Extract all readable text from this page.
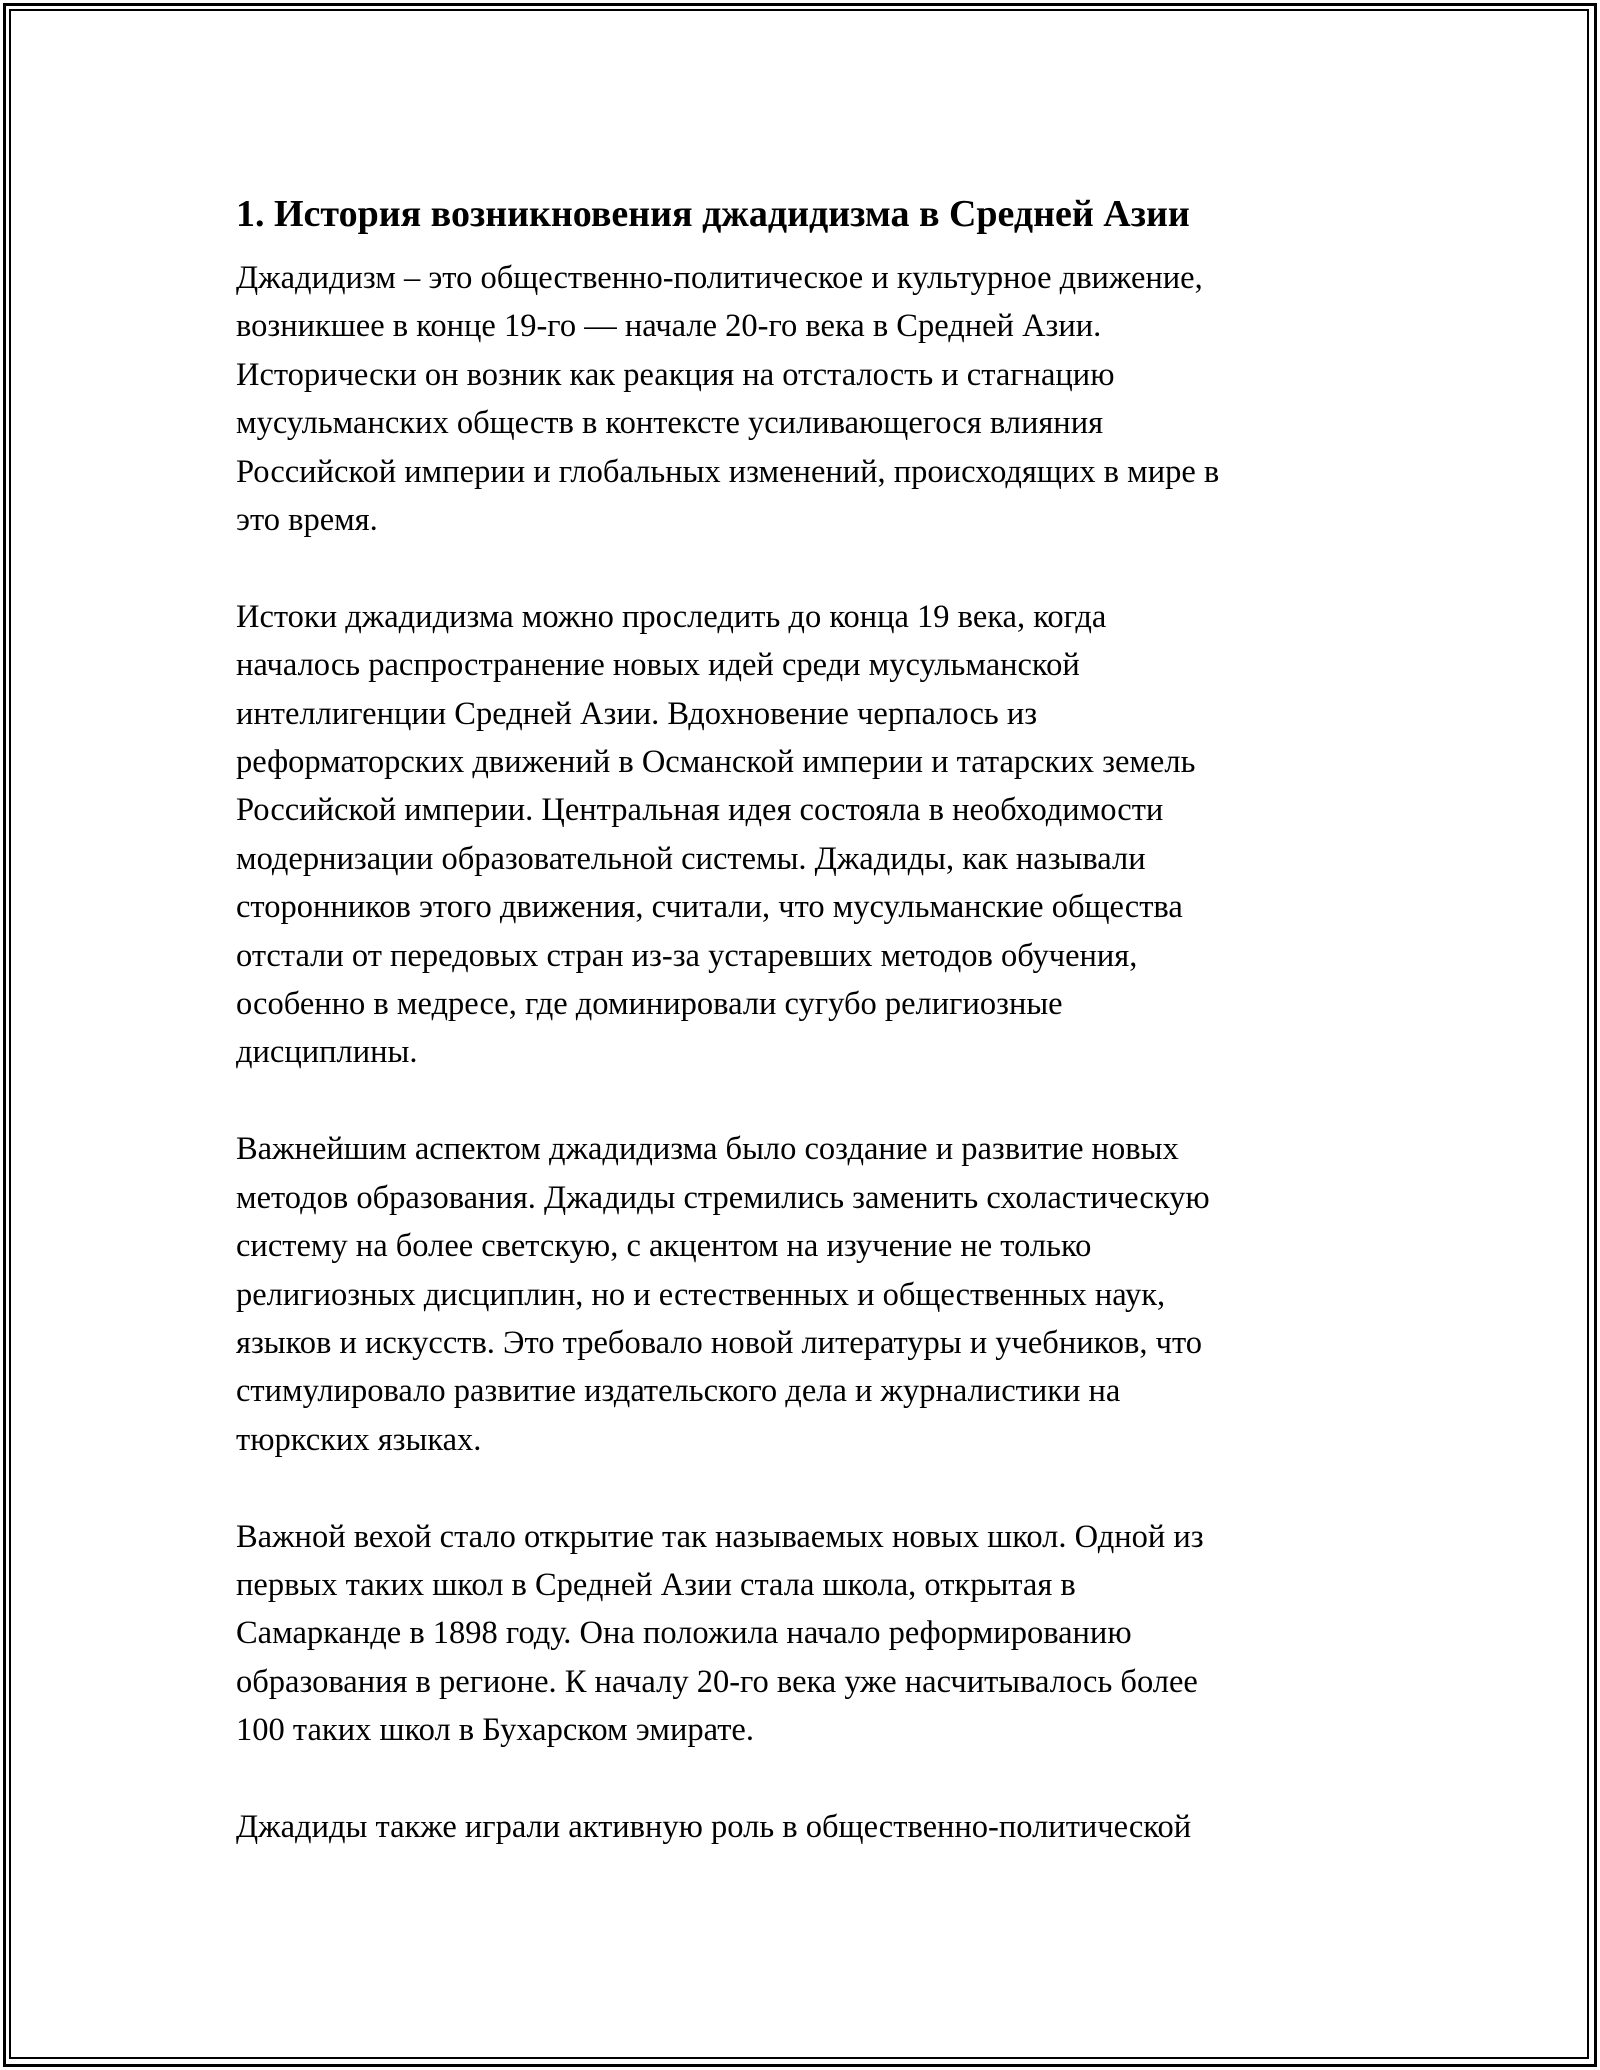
1. История возникновения джадидизма в Средней Азии

Джадидизм – это общественно-политическое и культурное движение,
возникшее в конце 19-го — начале 20-го века в Средней Азии.
Исторически он возник как реакция на отсталость и стагнацию
мусульманских обществ в контексте усиливающегося влияния
Российской империи и глобальных изменений, происходящих в мире в
это время.

Истоки джадидизма можно проследить до конца 19 века, когда
началось распространение новых идей среди мусульманской
интеллигенции Средней Азии. Вдохновение черпалось из
реформаторских движений в Османской империи и татарских земель
Российской империи. Центральная идея состояла в необходимости
модернизации образовательной системы. Джадиды, как называли
сторонников этого движения, считали, что мусульманские общества
отстали от передовых стран из-за устаревших методов обучения,
особенно в медресе, где доминировали сугубо религиозные
дисциплины.

Важнейшим аспектом джадидизма было создание и развитие новых
методов образования. Джадиды стремились заменить схоластическую
систему на более светскую, с акцентом на изучение не только
религиозных дисциплин, но и естественных и общественных наук,
языков и искусств. Это требовало новой литературы и учебников, что
стимулировало развитие издательского дела и журналистики на
тюркских языках.

Важной вехой стало открытие так называемых новых школ. Одной из
первых таких школ в Средней Азии стала школа, открытая в
Самарканде в 1898 году. Она положила начало реформированию
образования в регионе. К началу 20-го века уже насчитывалось более
100 таких школ в Бухарском эмирате.

Джадиды также играли активную роль в общественно-политической
